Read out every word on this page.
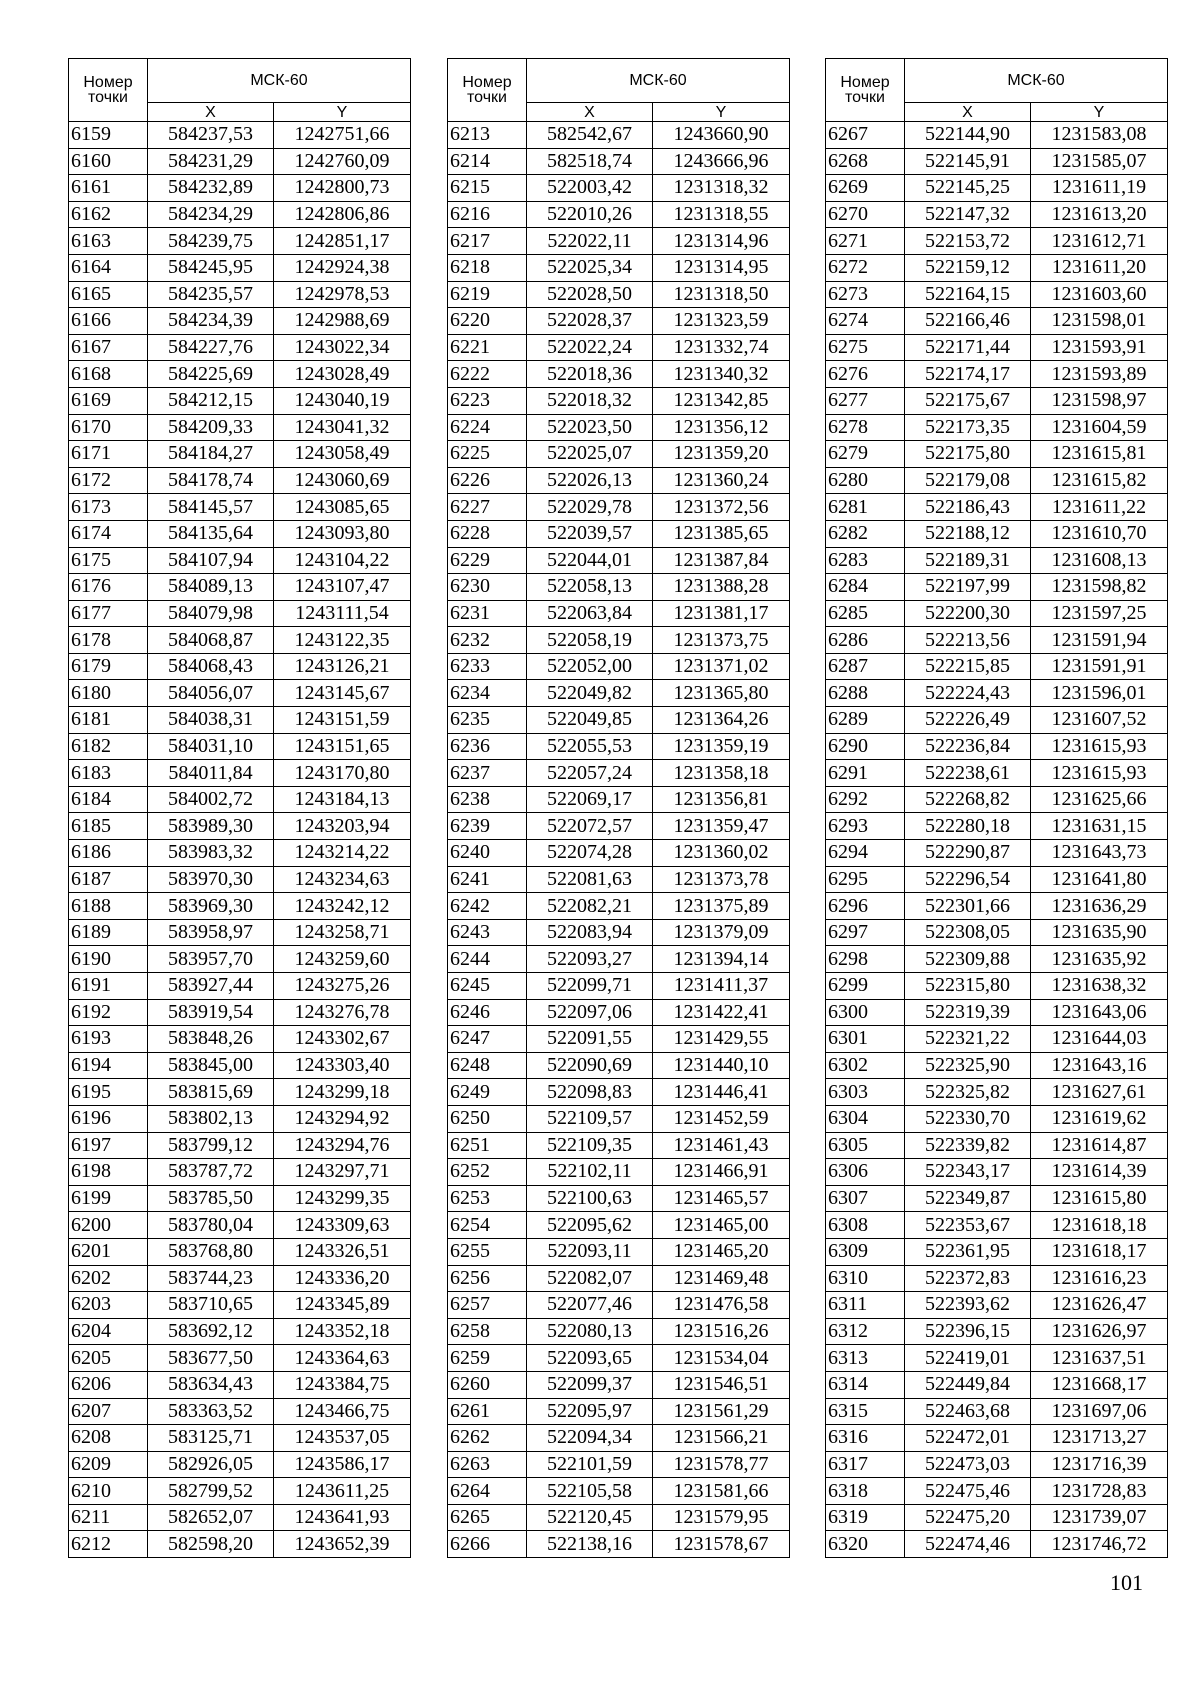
Номер точки	МСК-60	
	X	Y
6159	584237,53	1242751,66
6160	584231,29	1242760,09
6161	584232,89	1242800,73
6162	584234,29	1242806,86
6163	584239,75	1242851,17
6164	584245,95	1242924,38
6165	584235,57	1242978,53
6166	584234,39	1242988,69
6167	584227,76	1243022,34
6168	584225,69	1243028,49
6169	584212,15	1243040,19
6170	584209,33	1243041,32
6171	584184,27	1243058,49
6172	584178,74	1243060,69
6173	584145,57	1243085,65
6174	584135,64	1243093,80
6175	584107,94	1243104,22
6176	584089,13	1243107,47
6177	584079,98	1243111,54
6178	584068,87	1243122,35
6179	584068,43	1243126,21
6180	584056,07	1243145,67
6181	584038,31	1243151,59
6182	584031,10	1243151,65
6183	584011,84	1243170,80
6184	584002,72	1243184,13
6185	583989,30	1243203,94
6186	583983,32	1243214,22
6187	583970,30	1243234,63
6188	583969,30	1243242,12
6189	583958,97	1243258,71
6190	583957,70	1243259,60
6191	583927,44	1243275,26
6192	583919,54	1243276,78
6193	583848,26	1243302,67
6194	583845,00	1243303,40
6195	583815,69	1243299,18
6196	583802,13	1243294,92
6197	583799,12	1243294,76
6198	583787,72	1243297,71
6199	583785,50	1243299,35
6200	583780,04	1243309,63
6201	583768,80	1243326,51
6202	583744,23	1243336,20
6203	583710,65	1243345,89
6204	583692,12	1243352,18
6205	583677,50	1243364,63
6206	583634,43	1243384,75
6207	583363,52	1243466,75
6208	583125,71	1243537,05
6209	582926,05	1243586,17
6210	582799,52	1243611,25
6211	582652,07	1243641,93
6212	582598,20	1243652,39
Номер точки	МСК-60	
	X	Y
6213	582542,67	1243660,90
6214	582518,74	1243666,96
6215	522003,42	1231318,32
6216	522010,26	1231318,55
6217	522022,11	1231314,96
6218	522025,34	1231314,95
6219	522028,50	1231318,50
6220	522028,37	1231323,59
6221	522022,24	1231332,74
6222	522018,36	1231340,32
6223	522018,32	1231342,85
6224	522023,50	1231356,12
6225	522025,07	1231359,20
6226	522026,13	1231360,24
6227	522029,78	1231372,56
6228	522039,57	1231385,65
6229	522044,01	1231387,84
6230	522058,13	1231388,28
6231	522063,84	1231381,17
6232	522058,19	1231373,75
6233	522052,00	1231371,02
6234	522049,82	1231365,80
6235	522049,85	1231364,26
6236	522055,53	1231359,19
6237	522057,24	1231358,18
6238	522069,17	1231356,81
6239	522072,57	1231359,47
6240	522074,28	1231360,02
6241	522081,63	1231373,78
6242	522082,21	1231375,89
6243	522083,94	1231379,09
6244	522093,27	1231394,14
6245	522099,71	1231411,37
6246	522097,06	1231422,41
6247	522091,55	1231429,55
6248	522090,69	1231440,10
6249	522098,83	1231446,41
6250	522109,57	1231452,59
6251	522109,35	1231461,43
6252	522102,11	1231466,91
6253	522100,63	1231465,57
6254	522095,62	1231465,00
6255	522093,11	1231465,20
6256	522082,07	1231469,48
6257	522077,46	1231476,58
6258	522080,13	1231516,26
6259	522093,65	1231534,04
6260	522099,37	1231546,51
6261	522095,97	1231561,29
6262	522094,34	1231566,21
6263	522101,59	1231578,77
6264	522105,58	1231581,66
6265	522120,45	1231579,95
6266	522138,16	1231578,67
Номер точки	МСК-60	
	X	Y
6267	522144,90	1231583,08
6268	522145,91	1231585,07
6269	522145,25	1231611,19
6270	522147,32	1231613,20
6271	522153,72	1231612,71
6272	522159,12	1231611,20
6273	522164,15	1231603,60
6274	522166,46	1231598,01
6275	522171,44	1231593,91
6276	522174,17	1231593,89
6277	522175,67	1231598,97
6278	522173,35	1231604,59
6279	522175,80	1231615,81
6280	522179,08	1231615,82
6281	522186,43	1231611,22
6282	522188,12	1231610,70
6283	522189,31	1231608,13
6284	522197,99	1231598,82
6285	522200,30	1231597,25
6286	522213,56	1231591,94
6287	522215,85	1231591,91
6288	522224,43	1231596,01
6289	522226,49	1231607,52
6290	522236,84	1231615,93
6291	522238,61	1231615,93
6292	522268,82	1231625,66
6293	522280,18	1231631,15
6294	522290,87	1231643,73
6295	522296,54	1231641,80
6296	522301,66	1231636,29
6297	522308,05	1231635,90
6298	522309,88	1231635,92
6299	522315,80	1231638,32
6300	522319,39	1231643,06
6301	522321,22	1231644,03
6302	522325,90	1231643,16
6303	522325,82	1231627,61
6304	522330,70	1231619,62
6305	522339,82	1231614,87
6306	522343,17	1231614,39
6307	522349,87	1231615,80
6308	522353,67	1231618,18
6309	522361,95	1231618,17
6310	522372,83	1231616,23
6311	522393,62	1231626,47
6312	522396,15	1231626,97
6313	522419,01	1231637,51
6314	522449,84	1231668,17
6315	522463,68	1231697,06
6316	522472,01	1231713,27
6317	522473,03	1231716,39
6318	522475,46	1231728,83
6319	522475,20	1231739,07
6320	522474,46	1231746,72
101
